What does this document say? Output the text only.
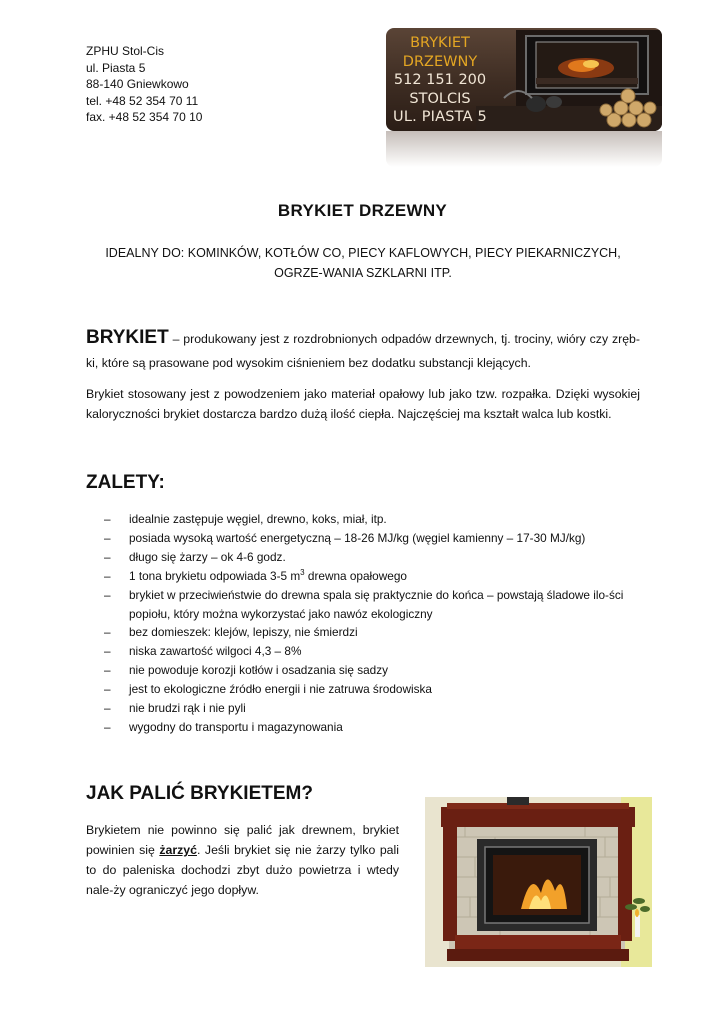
ZPHU Stol-Cis
ul. Piasta 5
88-140 Gniewkowo
tel. +48 52 354 70 11
fax. +48 52 354 70 10
BRYKIET
DRZEWNY
512 151 200
STOLCIS
UL. PIASTA 5
BRYKIET DRZEWNY
IDEALNY DO: KOMINKÓW, KOTŁÓW CO, PIECY KAFLOWYCH, PIECY PIEKARNICZYCH, OGRZE-WANIA SZKLARNI ITP.
BRYKIET – produkowany jest z rozdrobnionych odpadów drzewnych, tj. trociny, wióry czy zręb-ki, które są prasowane pod wysokim ciśnieniem bez dodatku substancji klejących.
Brykiet stosowany jest z powodzeniem jako materiał opałowy lub jako tzw. rozpałka. Dzięki wysokiej kaloryczności brykiet dostarcza bardzo dużą ilość ciepła. Najczęściej ma kształt walca lub kostki.
ZALETY:
– idealnie zastępuje węgiel, drewno, koks, miał, itp.
– posiada wysoką wartość energetyczną – 18-26 MJ/kg (węgiel kamienny – 17-30 MJ/kg)
– długo się żarzy – ok 4-6 godz.
– 1 tona brykietu odpowiada 3-5 $m^3$ drewna opałowego
– brykiet w przeciwieństwie do drewna spala się praktycznie do końca – powstają śladowe ilo-ści popiołu, który można wykorzystać jako nawóz ekologiczny
– bez domieszek: klejów, lepiszy, nie śmierdzi
– niska zawartość wilgoci 4,3 – 8%
– nie powoduje korozji kotłów i osadzania się sadzy
– jest to ekologiczne źródło energii i nie zatruwa środowiska
– nie brudzi rąk i nie pyli
– wygodny do transportu i magazynowania
JAK PALIĆ BRYKIETEM?
Brykietem nie powinno się palić jak drewnem, brykiet powinien się żarzyć. Jeśli brykiet się nie żarzy tylko pali to do paleniska dochodzi zbyt dużo powietrza i wtedy nale-ży ograniczyć jego dopływ.
